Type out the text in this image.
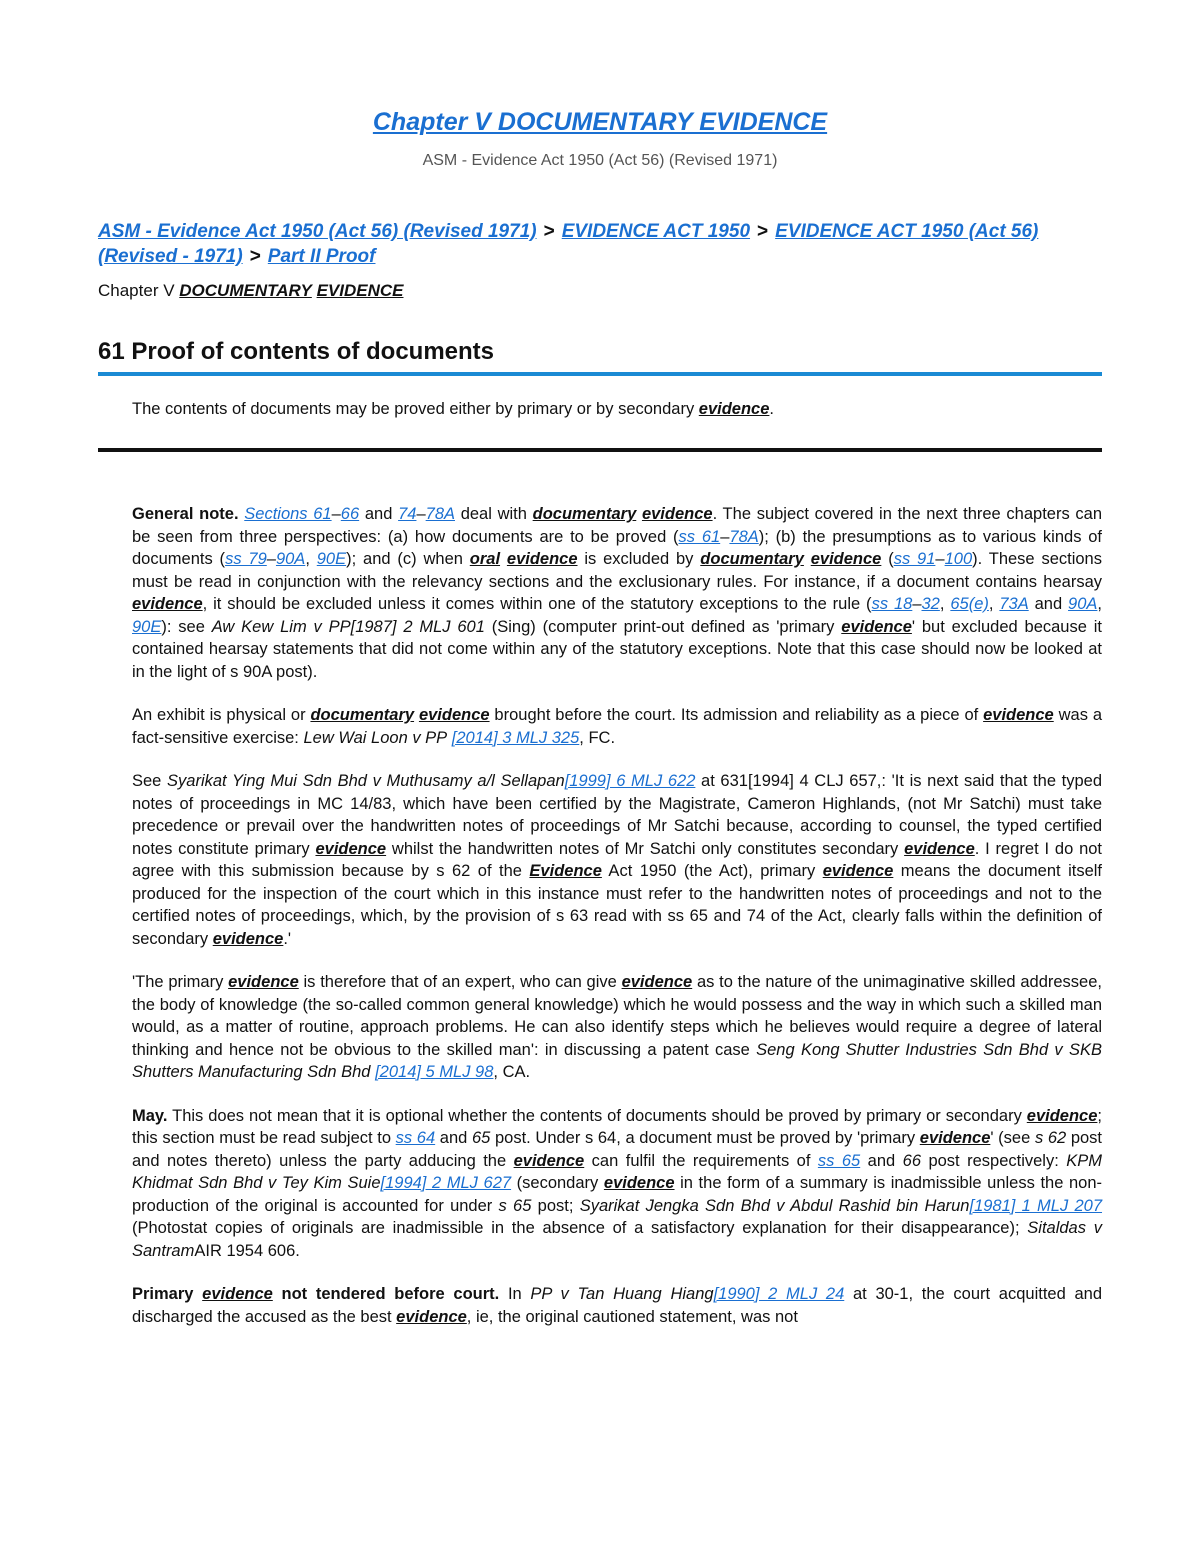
Chapter V DOCUMENTARY EVIDENCE
ASM - Evidence Act 1950 (Act 56) (Revised 1971)
ASM - Evidence Act 1950 (Act 56) (Revised 1971) > EVIDENCE ACT 1950 > EVIDENCE ACT 1950 (Act 56) (Revised - 1971) > Part II Proof
Chapter V DOCUMENTARY EVIDENCE
61 Proof of contents of documents
The contents of documents may be proved either by primary or by secondary evidence.

General note. Sections 61–66 and 74–78A deal with documentary evidence. The subject covered in the next three chapters can be seen from three perspectives: (a) how documents are to be proved (ss 61–78A); (b) the presumptions as to various kinds of documents (ss 79–90A, 90E); and (c) when oral evidence is excluded by documentary evidence (ss 91–100). These sections must be read in conjunction with the relevancy sections and the exclusionary rules. For instance, if a document contains hearsay evidence, it should be excluded unless it comes within one of the statutory exceptions to the rule (ss 18–32, 65(e), 73A and 90A, 90E): see Aw Kew Lim v PP[1987] 2 MLJ 601 (Sing) (computer print-out defined as 'primary evidence' but excluded because it contained hearsay statements that did not come within any of the statutory exceptions. Note that this case should now be looked at in the light of s 90A post).

An exhibit is physical or documentary evidence brought before the court. Its admission and reliability as a piece of evidence was a fact-sensitive exercise: Lew Wai Loon v PP [2014] 3 MLJ 325, FC.

See Syarikat Ying Mui Sdn Bhd v Muthusamy a/l Sellapan[1999] 6 MLJ 622 at 631[1994] 4 CLJ 657,: 'It is next said that the typed notes of proceedings in MC 14/83, which have been certified by the Magistrate, Cameron Highlands, (not Mr Satchi) must take precedence or prevail over the handwritten notes of proceedings of Mr Satchi because, according to counsel, the typed certified notes constitute primary evidence whilst the handwritten notes of Mr Satchi only constitutes secondary evidence. I regret I do not agree with this submission because by s 62 of the Evidence Act 1950 (the Act), primary evidence means the document itself produced for the inspection of the court which in this instance must refer to the handwritten notes of proceedings and not to the certified notes of proceedings, which, by the provision of s 63 read with ss 65 and 74 of the Act, clearly falls within the definition of secondary evidence.'

'The primary evidence is therefore that of an expert, who can give evidence as to the nature of the unimaginative skilled addressee, the body of knowledge (the so-called common general knowledge) which he would possess and the way in which such a skilled man would, as a matter of routine, approach problems. He can also identify steps which he believes would require a degree of lateral thinking and hence not be obvious to the skilled man': in discussing a patent case Seng Kong Shutter Industries Sdn Bhd v SKB Shutters Manufacturing Sdn Bhd [2014] 5 MLJ 98, CA.

May. This does not mean that it is optional whether the contents of documents should be proved by primary or secondary evidence; this section must be read subject to ss 64 and 65 post. Under s 64, a document must be proved by 'primary evidence' (see s 62 post and notes thereto) unless the party adducing the evidence can fulfil the requirements of ss 65 and 66 post respectively: KPM Khidmat Sdn Bhd v Tey Kim Suie[1994] 2 MLJ 627 (secondary evidence in the form of a summary is inadmissible unless the non-production of the original is accounted for under s 65 post; Syarikat Jengka Sdn Bhd v Abdul Rashid bin Harun[1981] 1 MLJ 207 (Photostat copies of originals are inadmissible in the absence of a satisfactory explanation for their disappearance); Sitaldas v SantramAIR 1954 606.

Primary evidence not tendered before court. In PP v Tan Huang Hiang[1990] 2 MLJ 24 at 30-1, the court acquitted and discharged the accused as the best evidence, ie, the original cautioned statement, was not
